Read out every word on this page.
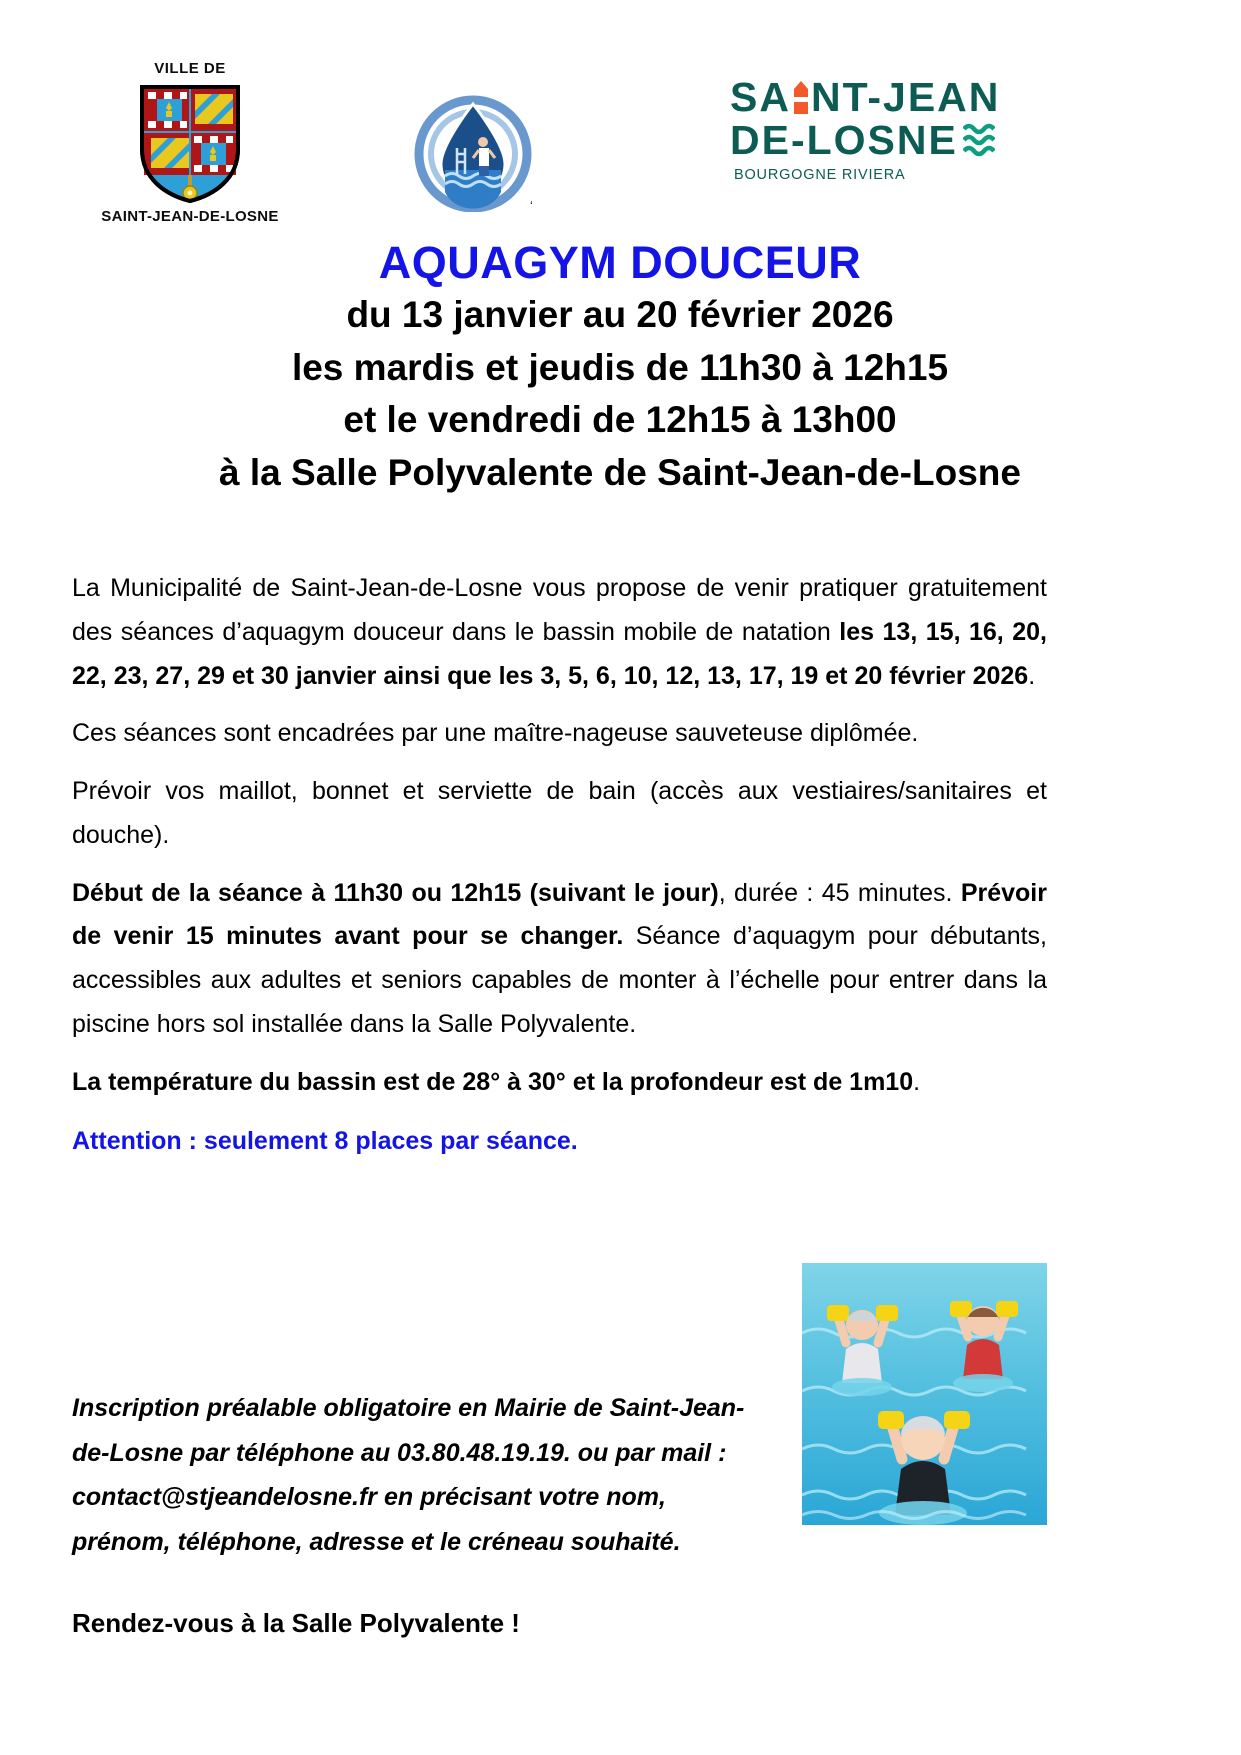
VILLE DE
SAINT-JEAN-DE-LOSNE
‘
SA NT-JEAN
DE-LOSNE
BOURGOGNE RIVIERA
AQUAGYM DOUCEUR
du 13 janvier au 20 février 2026
les mardis et jeudis de 11h30 à 12h15
et le vendredi de 12h15 à 13h00
à la Salle Polyvalente de Saint-Jean-de-Losne

La Municipalité de Saint-Jean-de-Losne vous propose de venir pratiquer gratuitement des séances d’aquagym douceur dans le bassin mobile de natation les 13, 15, 16, 20, 22, 23, 27, 29 et 30 janvier ainsi que les 3, 5, 6, 10, 12, 13, 17, 19 et 20 février 2026.

Ces séances sont encadrées par une maître-nageuse sauveteuse diplômée.

Prévoir vos maillot, bonnet et serviette de bain (accès aux vestiaires/sanitaires et douche).

Début de la séance à 11h30 ou 12h15 (suivant le jour), durée : 45 minutes. Prévoir de venir 15 minutes avant pour se changer. Séance d’aquagym pour débutants, accessibles aux adultes et seniors capables de monter à l’échelle pour entrer dans la piscine hors sol installée dans la Salle Polyvalente.

La température du bassin est de 28° à 30° et la profondeur est de 1m10.

Attention : seulement 8 places par séance.

Inscription préalable obligatoire en Mairie de Saint-Jean-
de-Losne par téléphone au 03.80.48.19.19. ou par mail :
contact@stjeandelosne.fr en précisant votre nom,
prénom, téléphone, adresse et le créneau souhaité.
Rendez-vous à la Salle Polyvalente !
